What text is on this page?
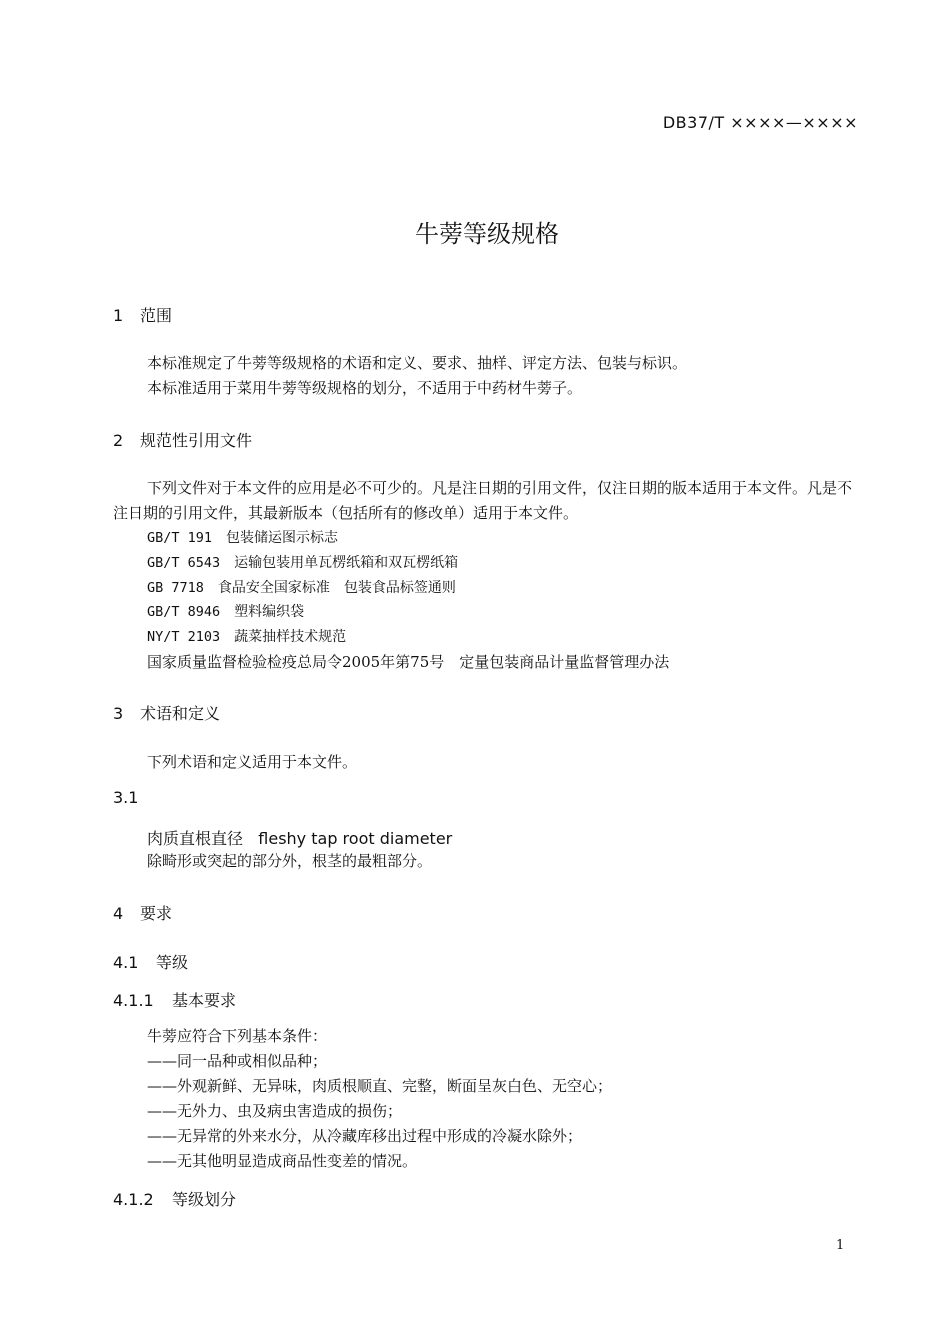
DB37/T ××××—××××
牛蒡等级规格
1 范围
本标准规定了牛蒡等级规格的术语和定义、要求、抽样、评定方法、包装与标识。
本标准适用于菜用牛蒡等级规格的划分，不适用于中药材牛蒡子。
2 规范性引用文件
下列文件对于本文件的应用是必不可少的。凡是注日期的引用文件，仅注日期的版本适用于本文件。凡是不注日期的引用文件，其最新版本（包括所有的修改单）适用于本文件。
GB/T 191　 包装储运图示标志
GB/T 6543　 运输包装用单瓦楞纸箱和双瓦楞纸箱
GB 7718　 食品安全国家标准　包装食品标签通则
GB/T 8946　 塑料编织袋
NY/T 2103　 蔬菜抽样技术规范
国家质量监督检验检疫总局令2005年第75号　定量包装商品计量监督管理办法
3 术语和定义
下列术语和定义适用于本文件。
3.1
肉质直根直径 fleshy tap root diameter
除畸形或突起的部分外，根茎的最粗部分。
4 要求
4.1 等级
4.1.1 基本要求
牛蒡应符合下列基本条件：
——同一品种或相似品种；
——外观新鲜、无异味，肉质根顺直、完整，断面呈灰白色、无空心；
——无外力、虫及病虫害造成的损伤；
——无异常的外来水分，从冷藏库移出过程中形成的冷凝水除外；
——无其他明显造成商品性变差的情况。
4.1.2 等级划分
1
